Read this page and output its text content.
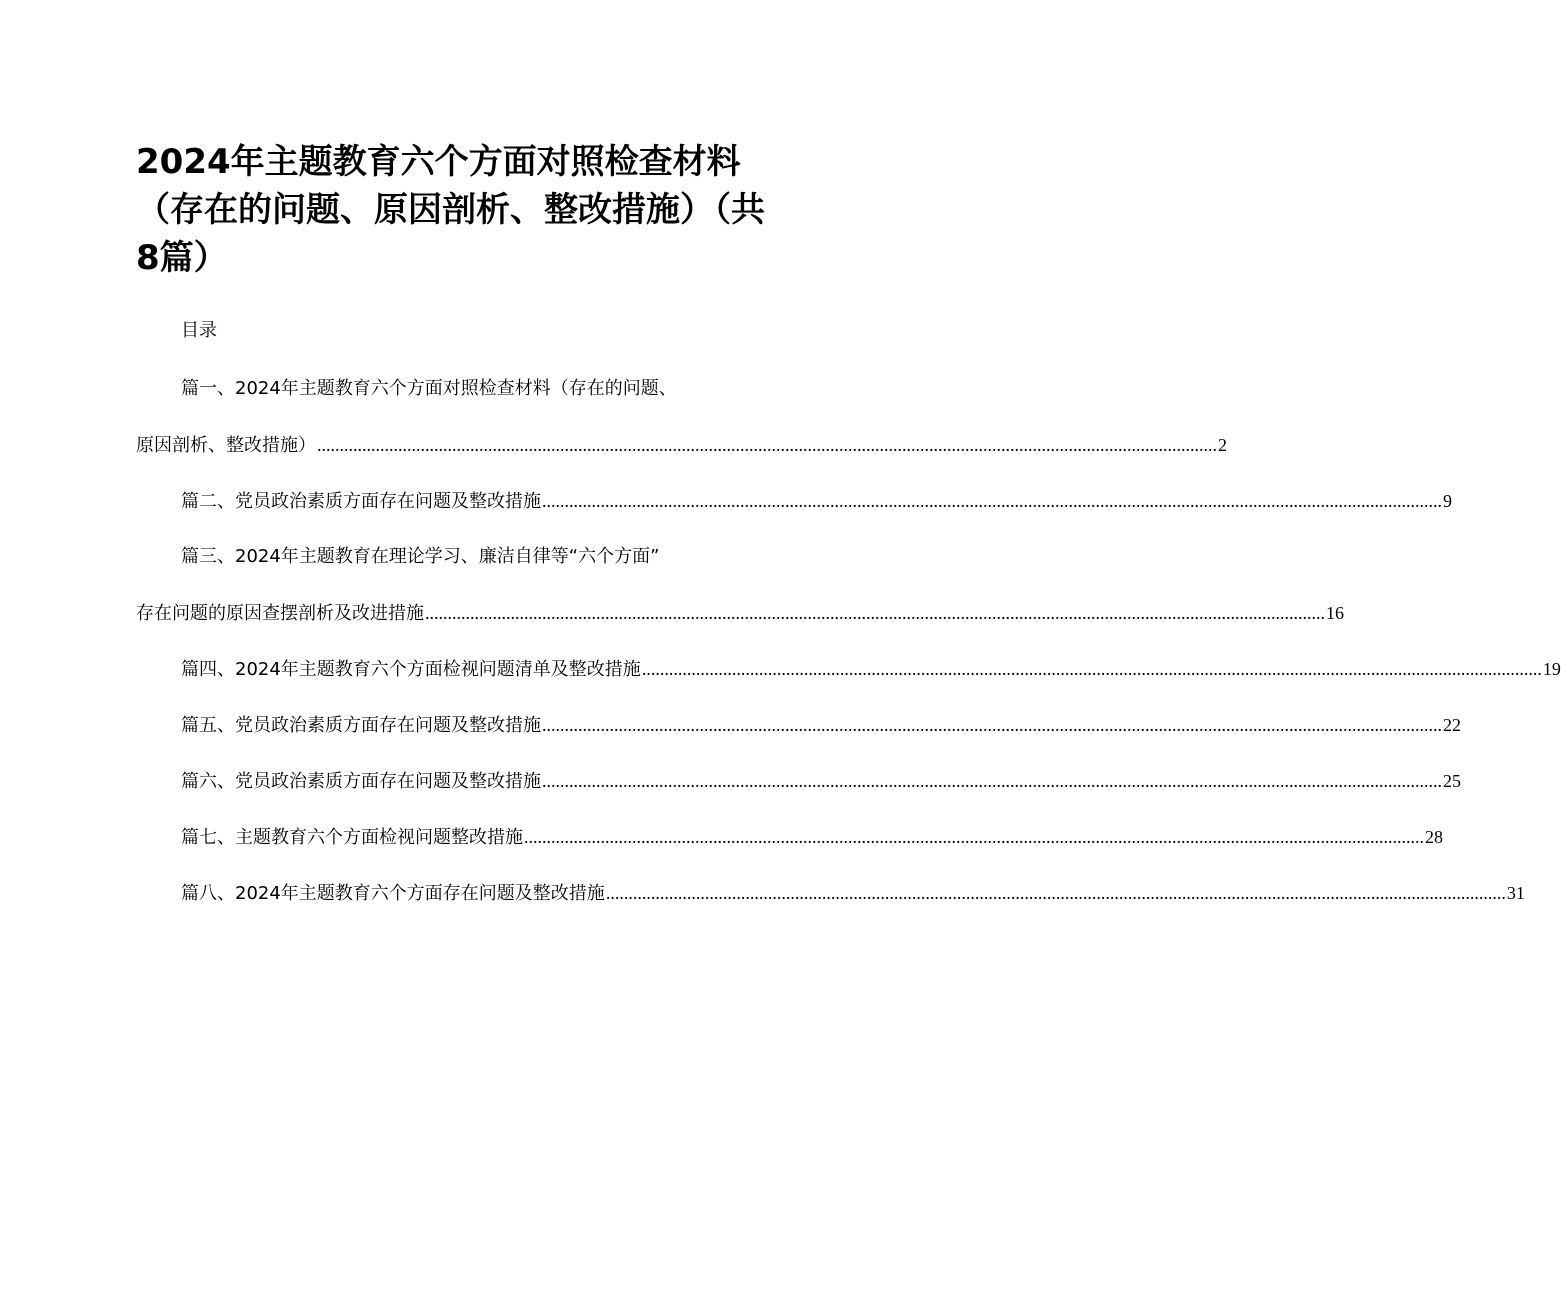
2024年主题教育六个方面对照检查材料（存在的问题、原因剖析、整改措施）（共8篇）
目录
篇一、2024年主题教育六个方面对照检查材料（存在的问题、
原因剖析、整改措施） ........................................................................................................................................................................................................ 2
篇二、党员政治素质方面存在问题及整改措施 ........................................................................................................................................................................................................ 9
篇三、2024年主题教育在理论学习、廉洁自律等“六个方面”
存在问题的原因查摆剖析及改进措施 ........................................................................................................................................................................................................ 16
篇四、2024年主题教育六个方面检视问题清单及整改措施 ........................................................................................................................................................................................................ 19
篇五、党员政治素质方面存在问题及整改措施 ........................................................................................................................................................................................................ 22
篇六、党员政治素质方面存在问题及整改措施 ........................................................................................................................................................................................................ 25
篇七、主题教育六个方面检视问题整改措施 ........................................................................................................................................................................................................ 28
篇八、2024年主题教育六个方面存在问题及整改措施 ........................................................................................................................................................................................................ 31
